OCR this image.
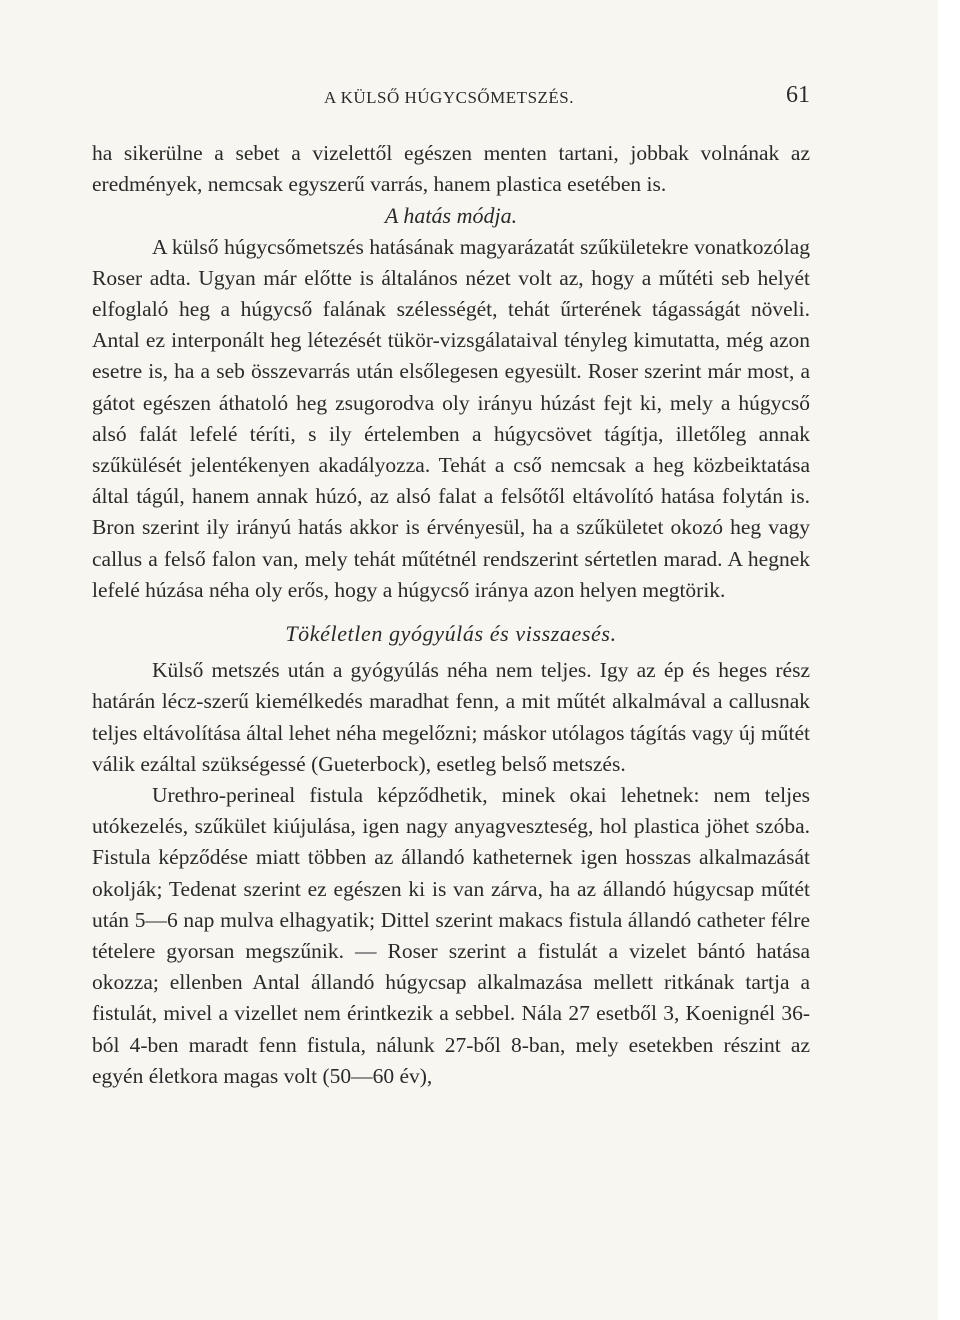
A KÜLSŐ HÚGYCSŐMETSZÉS.	61

ha sikerülne a sebet a vizelettől egészen menten tartani, jobbak volnának az eredmények, nemcsak egyszerű varrás, hanem plastica esetében is.

A hatás módja.

A külső húgycsőmetszés hatásának magyarázatát szűkületekre vonatkozólag Roser adta. Ugyan már előtte is általános nézet volt az, hogy a műtéti seb helyét elfoglaló heg a húgycső falának szélességét, tehát űrterének tágasságát növeli. Antal ez interponált heg létezését tükör-vizsgálataival tényleg kimutatta, még azon esetre is, ha a seb összevarrás után elsőlegesen egyesült. Roser szerint már most, a gátot egészen áthatoló heg zsugorodva oly irányu húzást fejt ki, mely a húgycső alsó falát lefelé téríti, s ily értelemben a húgycsövet tágítja, illetőleg annak szűkülését jelentékenyen akadályozza. Tehát a cső nemcsak a heg közbeiktatása által tágúl, hanem annak húzó, az alsó falat a felsőtől eltávolító hatása folytán is. Bron szerint ily irányú hatás akkor is érvényesül, ha a szűkületet okozó heg vagy callus a felső falon van, mely tehát műtétnél rendszerint sértetlen marad. A hegnek lefelé húzása néha oly erős, hogy a húgycső iránya azon helyen megtörik.

Tökéletlen gyógyúlás és visszaesés.

Külső metszés után a gyógyúlás néha nem teljes. Igy az ép és heges rész határán lécz-szerű kiemélkedés maradhat fenn, a mit műtét alkalmával a callusnak teljes eltávolítása által lehet néha megelőzni; máskor utólagos tágítás vagy új műtét válik ezáltal szükségessé (Gueterbock), esetleg belső metszés.

Urethro-perineal fistula képződhetik, minek okai lehetnek: nem teljes utókezelés, szűkület kiújulása, igen nagy anyagveszteség, hol plastica jöhet szóba. Fistula képződése miatt többen az állandó katheternek igen hosszas alkalmazását okolják; Tedenat szerint ez egészen ki is van zárva, ha az állandó húgycsap műtét után 5—6 nap mulva elhagyatik; Dittel szerint makacs fistula állandó catheter félre tételere gyorsan megszűnik. — Roser szerint a fistulát a vizelet bántó hatása okozza; ellenben Antal állandó húgycsap alkalmazása mellett ritkának tartja a fistulát, mivel a vizellet nem érintkezik a sebbel. Nála 27 esetből 3, Koenignél 36-ból 4-ben maradt fenn fistula, nálunk 27-ből 8-ban, mely esetekben részint az egyén életkora magas volt (50—60 év),
